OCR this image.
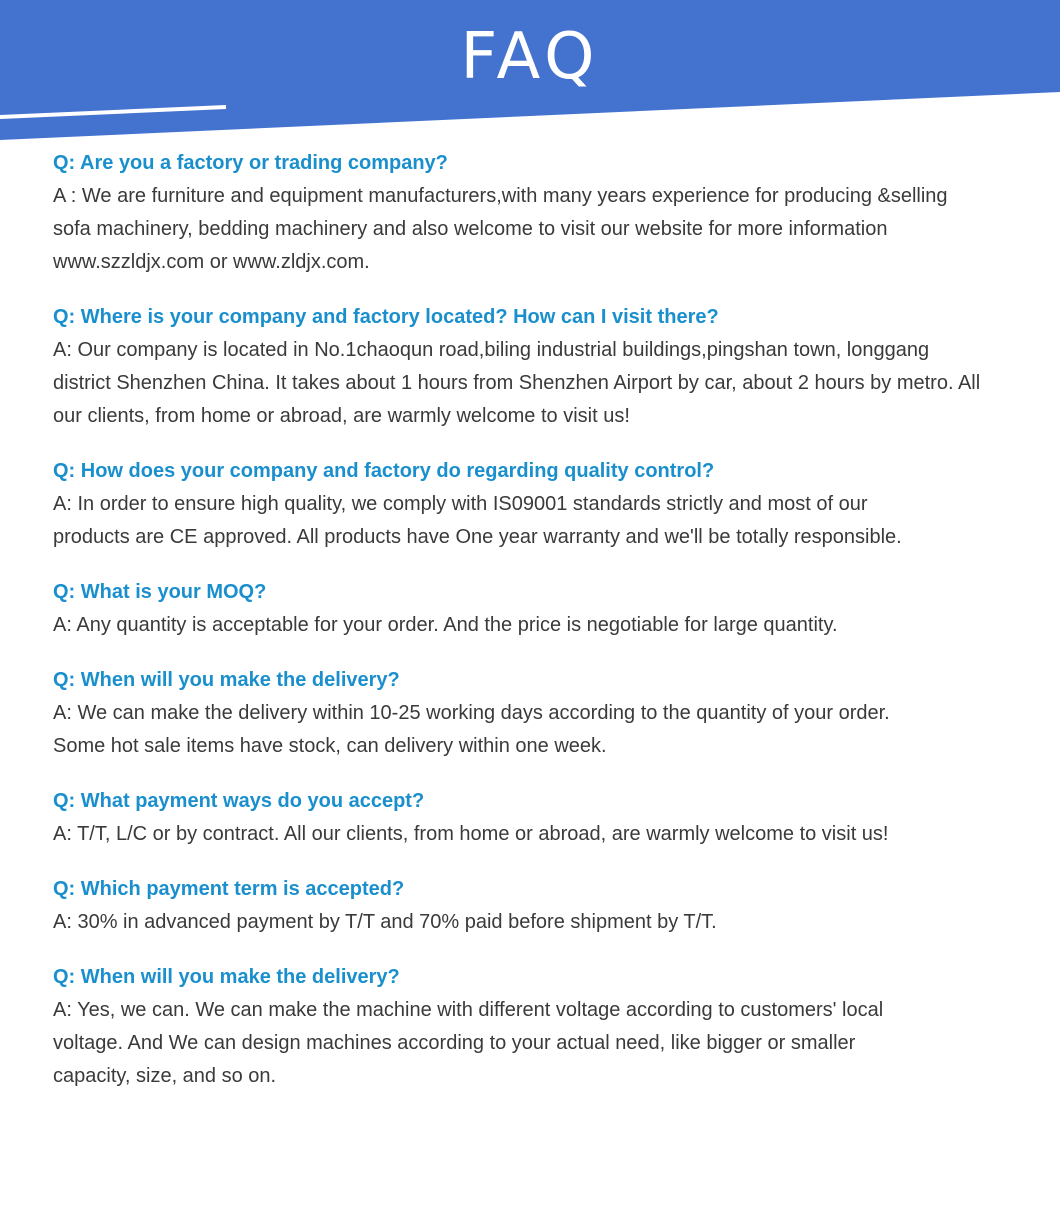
FAQ
Q: Are you a factory or trading company?
A : We are furniture and equipment manufacturers,with many years experience for producing &selling sofa machinery, bedding machinery and also welcome to visit our website for more information www.szzldjx.com or www.zldjx.com.
Q: Where is your company and factory located? How can I visit there?
A: Our company is located in No.1chaoqun road,biling industrial buildings,pingshan town, longgang district Shenzhen China. It takes about 1 hours from Shenzhen Airport by car, about 2 hours by metro. All our clients, from home or abroad, are warmly welcome to visit us!
Q: How does your company and factory do regarding quality control?
A: In order to ensure high quality, we comply with IS09001 standards strictly and most of our products are CE approved. All products have One year warranty and we'll be totally responsible.
Q: What is your MOQ?
A: Any quantity is acceptable for your order. And the price is negotiable for large quantity.
Q: When will you make the delivery?
A: We can make the delivery within 10-25 working days according to the quantity of your order. Some hot sale items have stock, can delivery within one week.
Q: What payment ways do you accept?
A: T/T, L/C or by contract. All our clients, from home or abroad, are warmly welcome to visit us!
Q: Which payment term is accepted?
A: 30% in advanced payment by T/T and 70% paid before shipment by T/T.
Q: When will you make the delivery?
A: Yes, we can. We can make the machine with different voltage according to customers' local voltage. And We can design machines according to your actual need, like bigger or smaller capacity, size, and so on.
